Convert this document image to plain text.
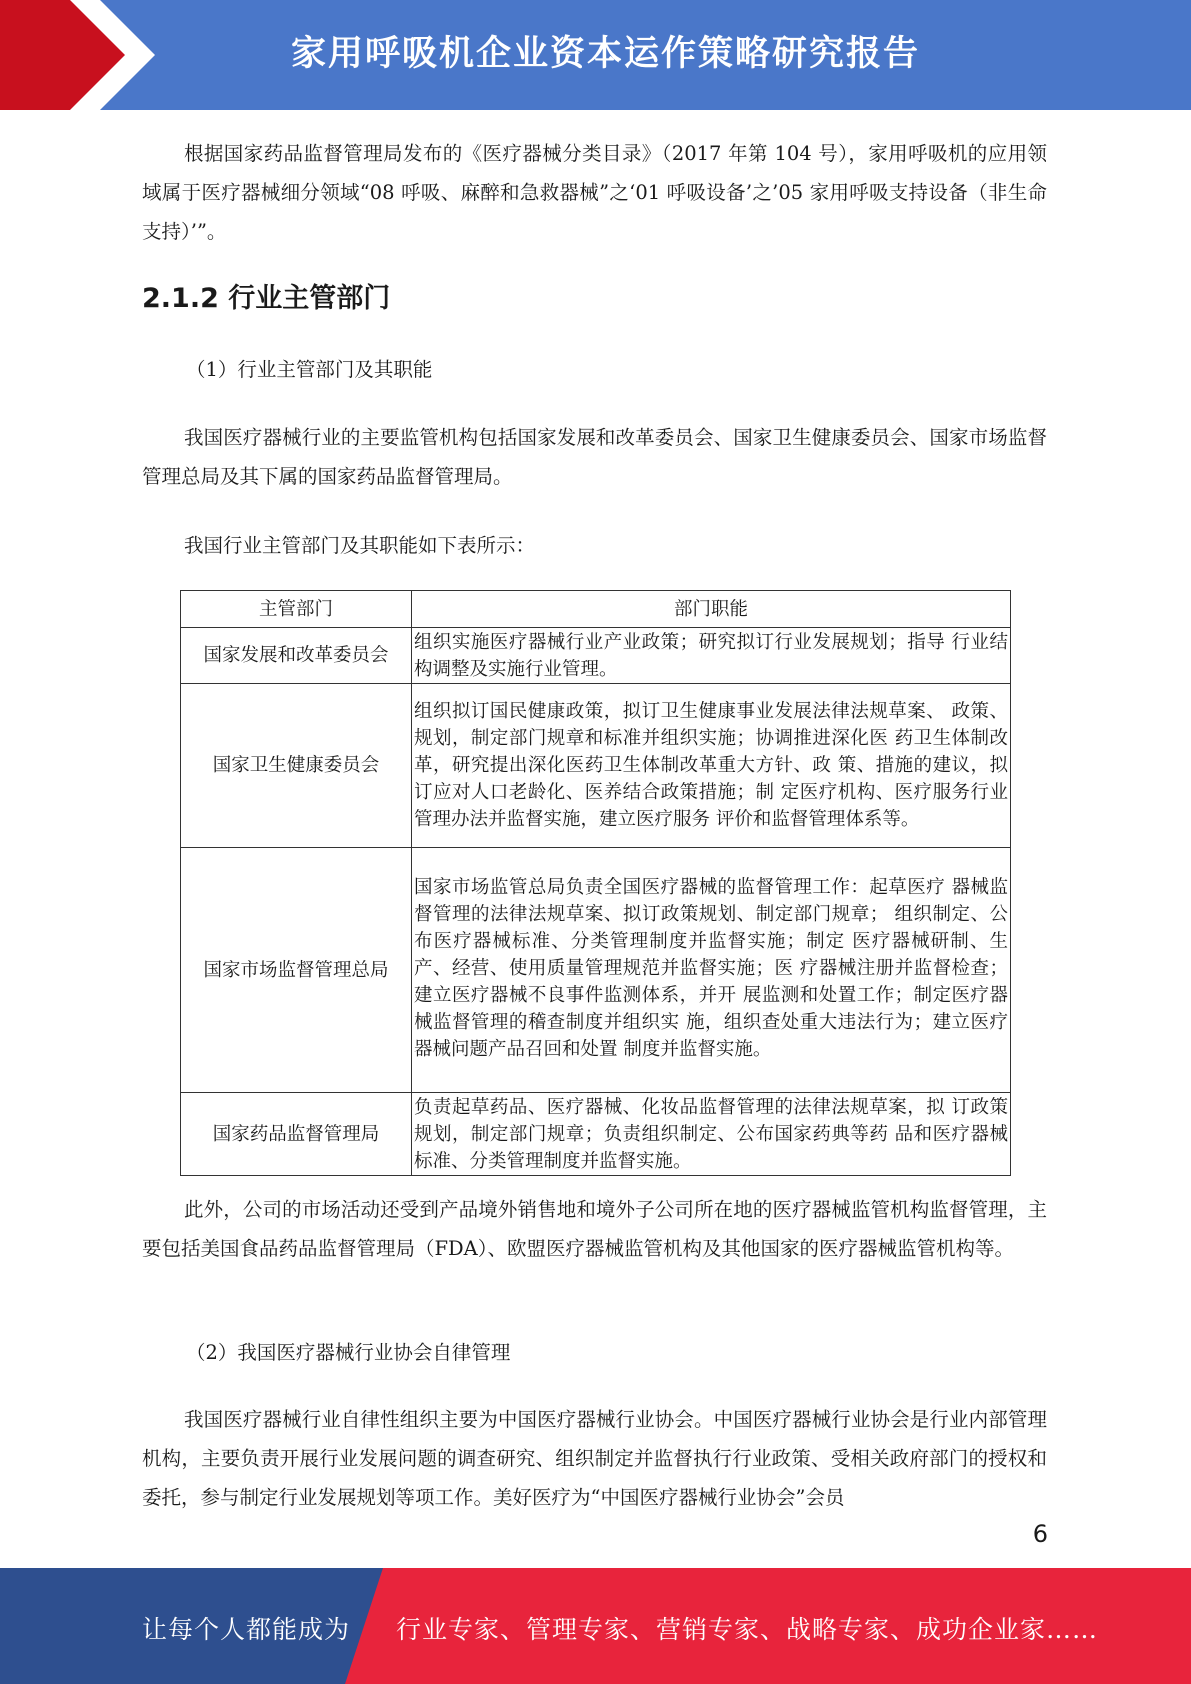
家用呼吸机企业资本运作策略研究报告

根据国家药品监督管理局发布的《医疗器械分类目录》（2017 年第 104 号），家用呼吸机的应用领域属于医疗器械细分领域“08 呼吸、麻醉和急救器械”之‘01 呼吸设备’之’05 家用呼吸支持设备（非生命支持）’”。

2.1.2 行业主管部门

（1）行业主管部门及其职能

我国医疗器械行业的主要监管机构包括国家发展和改革委员会、国家卫生健康委员会、国家市场监督管理总局及其下属的国家药品监督管理局。

我国行业主管部门及其职能如下表所示：

主管部门	部门职能
国家发展和改革委员会	组织实施医疗器械行业产业政策；研究拟订行业发展规划；指导 行业结构调整及实施行业管理。
国家卫生健康委员会	组织拟订国民健康政策，拟订卫生健康事业发展法律法规草案、 政策、规划，制定部门规章和标准并组织实施；协调推进深化医 药卫生体制改革，研究提出深化医药卫生体制改革重大方针、政 策、措施的建议，拟订应对人口老龄化、医养结合政策措施；制 定医疗机构、医疗服务行业管理办法并监督实施，建立医疗服务 评价和监督管理体系等。
国家市场监督管理总局	国家市场监管总局负责全国医疗器械的监督管理工作：起草医疗 器械监督管理的法律法规草案、拟订政策规划、制定部门规章； 组织制定、公布医疗器械标准、分类管理制度并监督实施；制定 医疗器械研制、生产、经营、使用质量管理规范并监督实施；医 疗器械注册并监督检查；建立医疗器械不良事件监测体系，并开 展监测和处置工作；制定医疗器械监督管理的稽查制度并组织实 施，组织查处重大违法行为；建立医疗器械问题产品召回和处置 制度并监督实施。
国家药品监督管理局	负责起草药品、医疗器械、化妆品监督管理的法律法规草案，拟 订政策规划，制定部门规章；负责组织制定、公布国家药典等药 品和医疗器械标准、分类管理制度并监督实施。

此外，公司的市场活动还受到产品境外销售地和境外子公司所在地的医疗器械监管机构监督管理，主要包括美国食品药品监督管理局（FDA）、欧盟医疗器械监管机构及其他国家的医疗器械监管机构等。

（2）我国医疗器械行业协会自律管理

我国医疗器械行业自律性组织主要为中国医疗器械行业协会。中国医疗器械行业协会是行业内部管理机构，主要负责开展行业发展问题的调查研究、组织制定并监督执行行业政策、受相关政府部门的授权和委托，参与制定行业发展规划等项工作。美好医疗为“中国医疗器械行业协会”会员

6
让每个人都能成为 行业专家、管理专家、营销专家、战略专家、成功企业家……
